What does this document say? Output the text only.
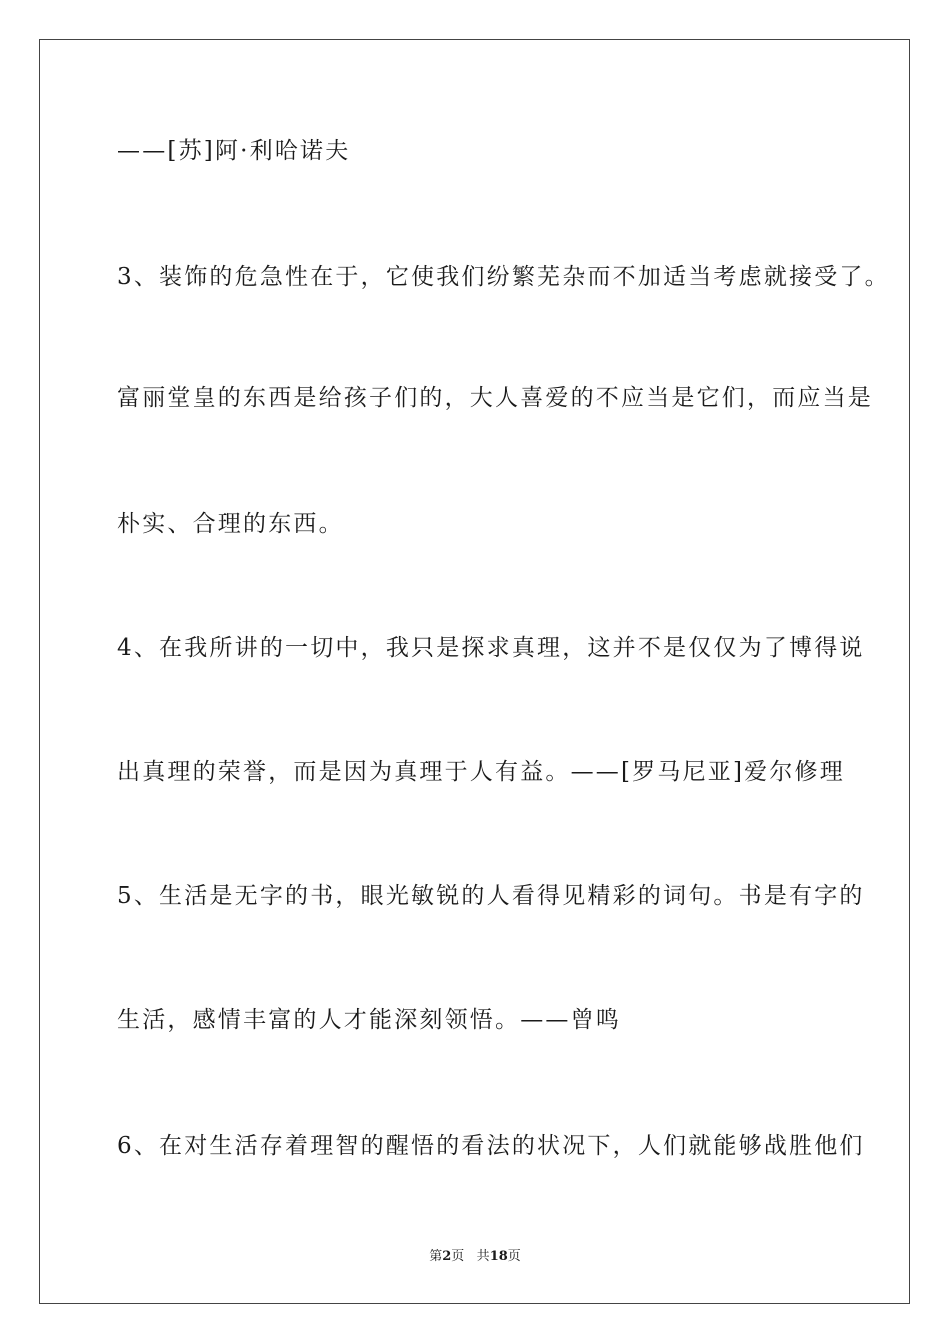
——[苏]阿·利哈诺夫
3、装饰的危急性在于，它使我们纷繁芜杂而不加适当考虑就接受了。
富丽堂皇的东西是给孩子们的，大人喜爱的不应当是它们，而应当是
朴实、合理的东西。
4、在我所讲的一切中，我只是探求真理，这并不是仅仅为了博得说
出真理的荣誉，而是因为真理于人有益。——[罗马尼亚]爱尔修理
5、生活是无字的书，眼光敏锐的人看得见精彩的词句。书是有字的
生活，感情丰富的人才能深刻领悟。——曾鸣
6、在对生活存着理智的醒悟的看法的状况下，人们就能够战胜他们
第2页 共18页
